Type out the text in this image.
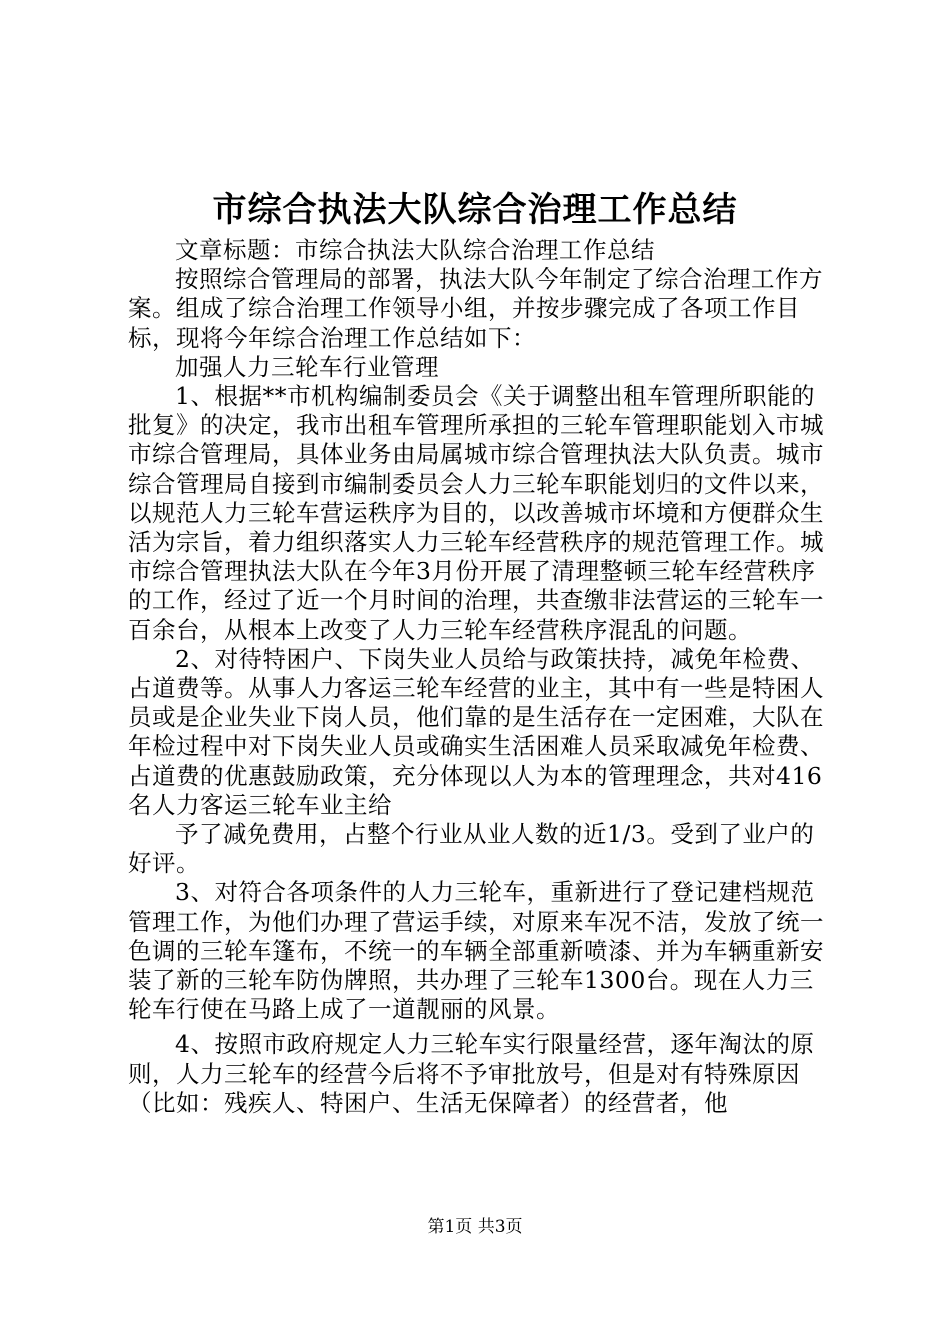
市综合执法大队综合治理工作总结

文章标题：市综合执法大队综合治理工作总结

按照综合管理局的部署，执法大队今年制定了综合治理工作方案。组成了综合治理工作领导小组，并按步骤完成了各项工作目标，现将今年综合治理工作总结如下：

加强人力三轮车行业管理

1、根据**市机构编制委员会《关于调整出租车管理所职能的批复》的决定，我市出租车管理所承担的三轮车管理职能划入市城市综合管理局，具体业务由局属城市综合管理执法大队负责。城市综合管理局自接到市编制委员会人力三轮车职能划归的文件以来，以规范人力三轮车营运秩序为目的，以改善城市坏境和方便群众生活为宗旨，着力组织落实人力三轮车经营秩序的规范管理工作。城市综合管理执法大队在今年3月份开展了清理整顿三轮车经营秩序的工作，经过了近一个月时间的治理，共查缴非法营运的三轮车一百余台，从根本上改变了人力三轮车经营秩序混乱的问题。

2、对待特困户、下岗失业人员给与政策扶持，减免年检费、占道费等。从事人力客运三轮车经营的业主，其中有一些是特困人员或是企业失业下岗人员，他们靠的是生活存在一定困难，大队在年检过程中对下岗失业人员或确实生活困难人员采取减免年检费、占道费的优惠鼓励政策，充分体现以人为本的管理理念，共对416名人力客运三轮车业主给

予了减免费用，占整个行业从业人数的近1/3。受到了业户的好评。

3、对符合各项条件的人力三轮车，重新进行了登记建档规范管理工作，为他们办理了营运手续，对原来车况不洁，发放了统一色调的三轮车篷布，不统一的车辆全部重新喷漆、并为车辆重新安装了新的三轮车防伪牌照，共办理了三轮车1300台。现在人力三轮车行使在马路上成了一道靓丽的风景。

4、按照市政府规定人力三轮车实行限量经营，逐年淘汰的原则，人力三轮车的经营今后将不予审批放号，但是对有特殊原因（比如：残疾人、特困户、生活无保障者）的经营者，他

第1页 共3页
